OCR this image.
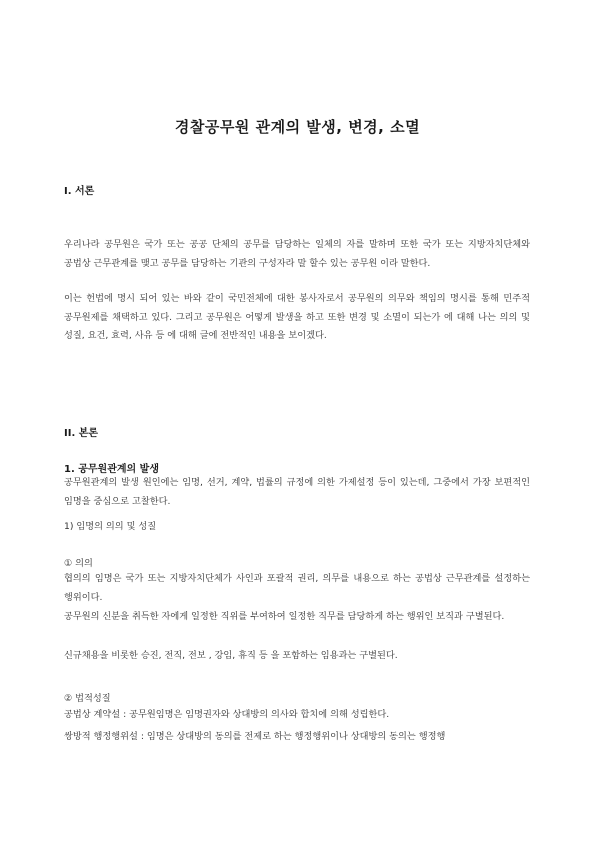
경찰공무원 관계의 발생, 변경, 소멸
I. 서론
우리나라 공무원은 국가 또는 공공 단체의 공무를 담당하는 일체의 자를 말하며 또한 국가 또는 지방자치단체와 공법상 근무관계를 맺고 공무를 담당하는 기관의 구성자라 말 할수 있는 공무원 이라 말한다.
이는 헌법에 명시 되어 있는 바와 같이 국민전체에 대한 봉사자로서 공무원의 의무와 책임의 명시를 통해 민주적 공무원제를 채택하고 있다. 그리고 공무원은 어떻게 발생을 하고 또한 변경 및 소멸이 되는가 에 대해 나는 의의 및 성질, 요건, 효력, 사유 등 에 대해 글에 전반적인 내용을 보이겠다.
II. 본론
1. 공무원관계의 발생
공무원관계의 발생 원인에는 임명, 선거, 계약, 법률의 규정에 의한 가제설정 등이 있는데, 그중에서 가장 보편적인 임명을 중심으로 고찰한다.
1) 임명의 의의 및 성질
① 의의
협의의 임명은 국가 또는 지방자치단체가 사인과 포괄적 권리, 의무를 내용으로 하는 공법상 근무관계를 설정하는 행위이다.
공무원의 신분을 취득한 자에게 일정한 직위를 부여하여 일정한 직무를 담당하게 하는 행위인 보직과 구별된다.
신규채용을 비롯한 승진, 전직, 전보 , 강임, 휴직 등 을 포함하는 임용과는 구별된다.
② 법적성질
공법상 계약설 : 공무원임명은 임명권자와 상대방의 의사와 합치에 의해 성립한다.
쌍방적 행정행위설 : 임명은 상대방의 동의를 전제로 하는 행정행위이나 상대방의 동의는 행정행
